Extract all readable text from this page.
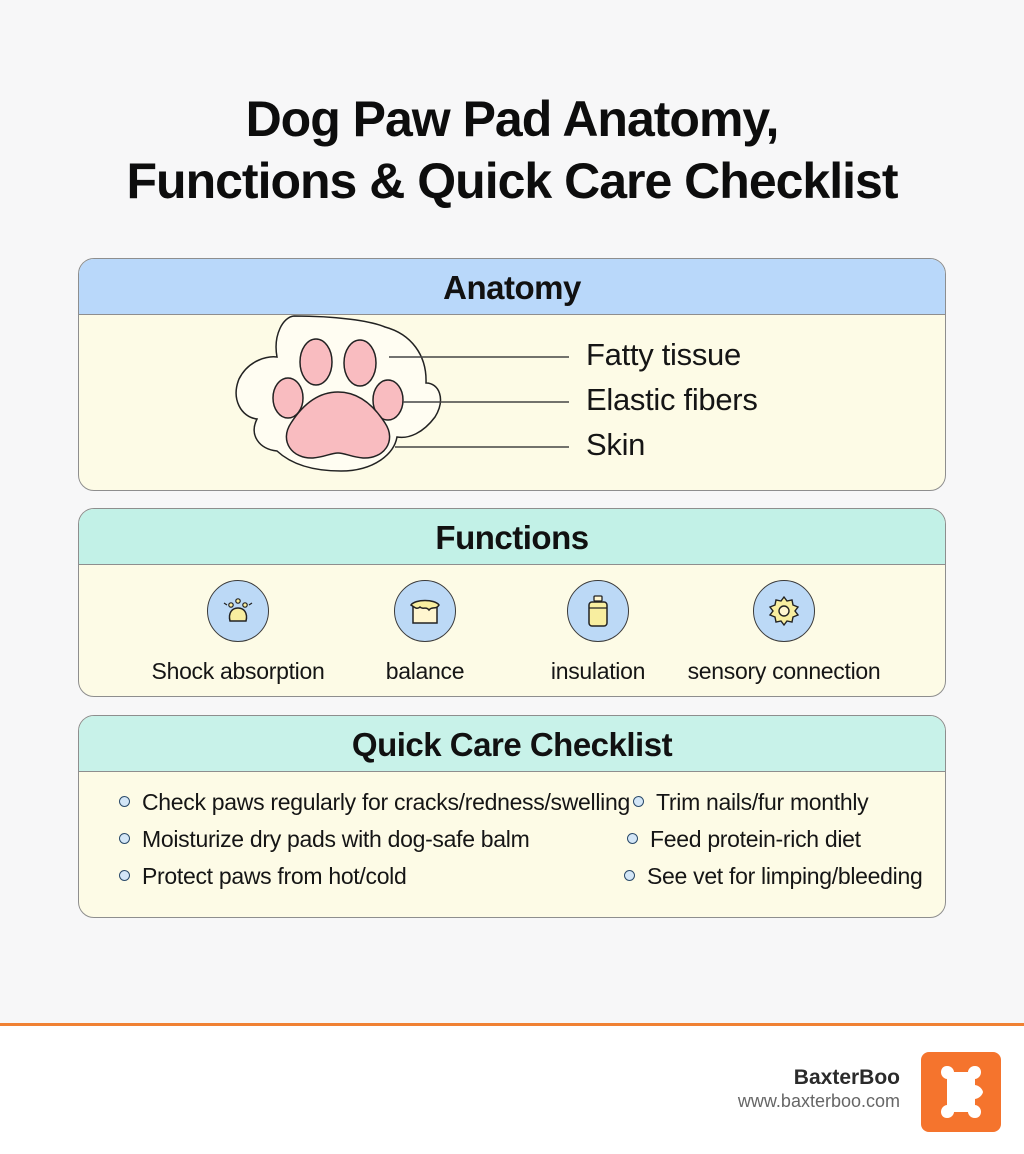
Dog Paw Pad Anatomy,
Functions & Quick Care Checklist
Anatomy
Fatty tissue
Elastic fibers
Skin
Functions
Shock absorption	balance	insulation	sensory connection
Quick Care Checklist
Check paws regularly for cracks/redness/swelling	Trim nails/fur monthly
Moisturize dry pads with dog-safe balm	Feed protein-rich diet
Protect paws from hot/cold	See vet for limping/bleeding
BaxterBoo
www.baxterboo.com
